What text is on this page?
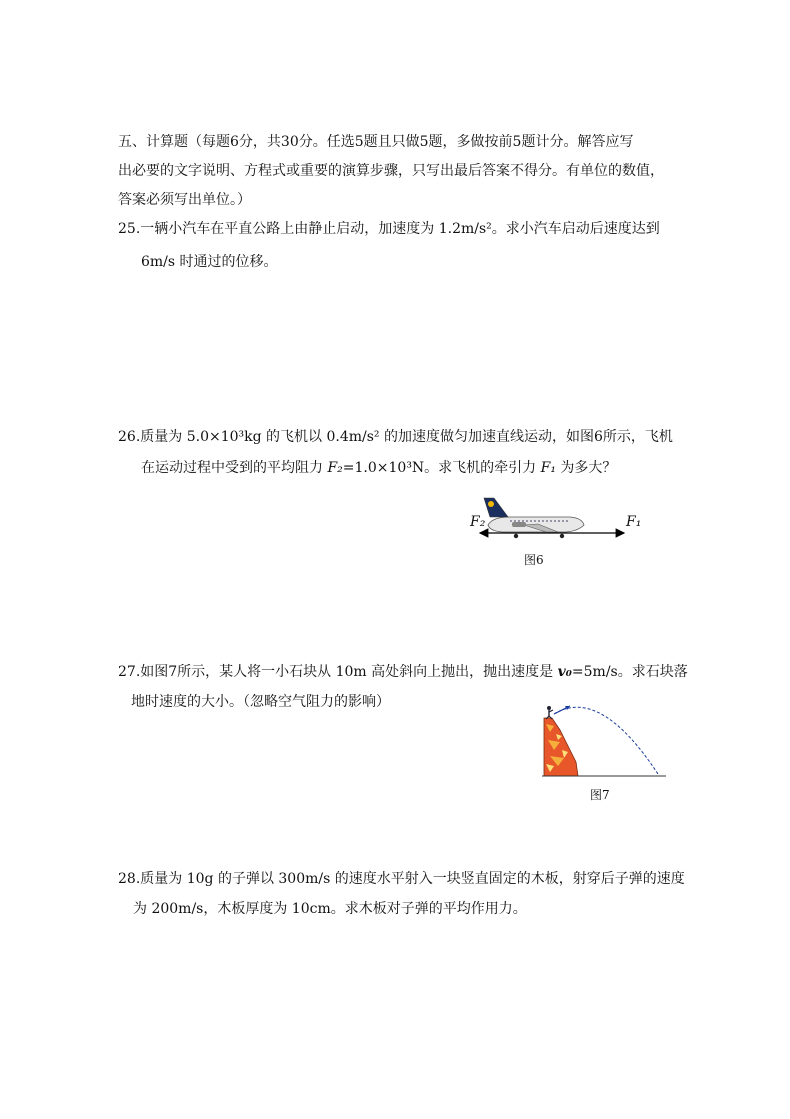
五、计算题（每题6分，共30分。任选5题且只做5题，多做按前5题计分。解答应写
出必要的文字说明、方程式或重要的演算步骤，只写出最后答案不得分。有单位的数值，
答案必须写出单位。）
25.一辆小汽车在平直公路上由静止启动，加速度为 1.2m/s²。求小汽车启动后速度达到
6m/s 时通过的位移。
26.质量为 5.0×10³kg 的飞机以 0.4m/s² 的加速度做匀加速直线运动，如图6所示，飞机
在运动过程中受到的平均阻力 F₂=1.0×10³N。求飞机的牵引力 F₁ 为多大？
F₂	F₁
图6
27.如图7所示，某人将一小石块从 10m 高处斜向上抛出，抛出速度是 v₀=5m/s。求石块落
地时速度的大小。（忽略空气阻力的影响）
图7
28.质量为 10g 的子弹以 300m/s 的速度水平射入一块竖直固定的木板，射穿后子弹的速度
为 200m/s，木板厚度为 10cm。求木板对子弹的平均作用力。
